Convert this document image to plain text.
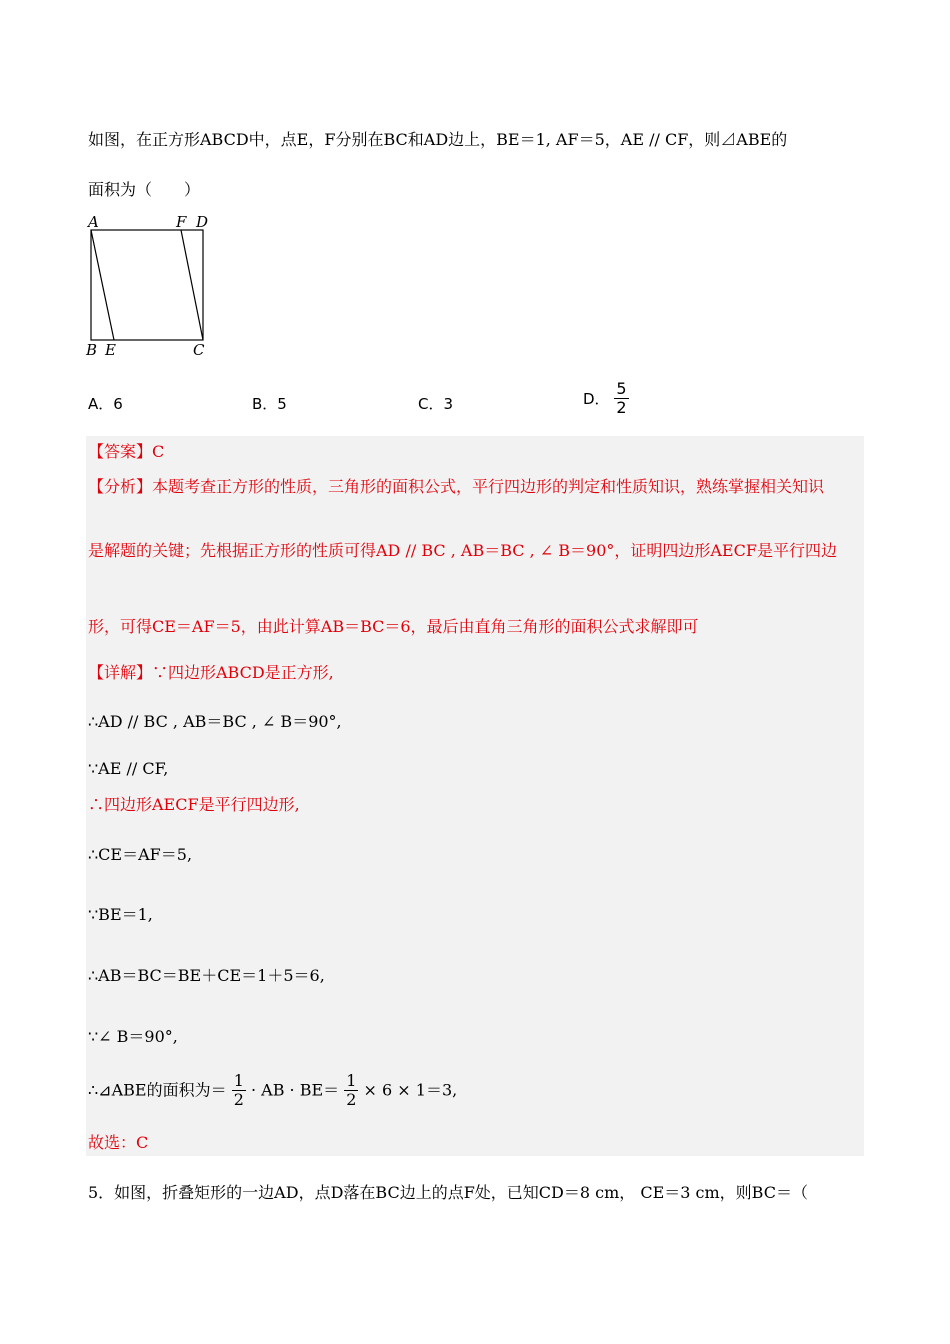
如图，在正方形ABCD中，点E，F分别在BC和AD边上，BE＝1, AF＝5，AE // CF，则⊿ABE的
面积为（　　）
A	F D
B E	C
A．6	B．5	C．3	D． $\frac{5}{2}$
【答案】C
【分析】本题考查正方形的性质，三角形的面积公式，平行四边形的判定和性质知识，熟练掌握相关知识
是解题的关键；先根据正方形的性质可得AD // BC , AB＝BC , ∠ B＝90°，证明四边形AECF是平行四边
形，可得CE＝AF＝5，由此计算AB＝BC＝6，最后由直角三角形的面积公式求解即可
【详解】∵四边形ABCD是正方形,
∴AD // BC , AB＝BC , ∠ B＝90°,
∵AE // CF,
∴四边形AECF是平行四边形,
∴CE＝AF＝5,
∵BE＝1,
∴AB＝BC＝BE＋CE＝1＋5＝6,
∵∠ B＝90°,
∴⊿ABE的面积为＝ $\frac{1}{2}$ · AB · $BE= \frac{1}{2} \times 6 \times 1=3$,
故选：C
5．如图，折叠矩形的一边AD，点D落在BC边上的点F处，已知CD＝8 cm， CE＝3 cm，则BC＝（
